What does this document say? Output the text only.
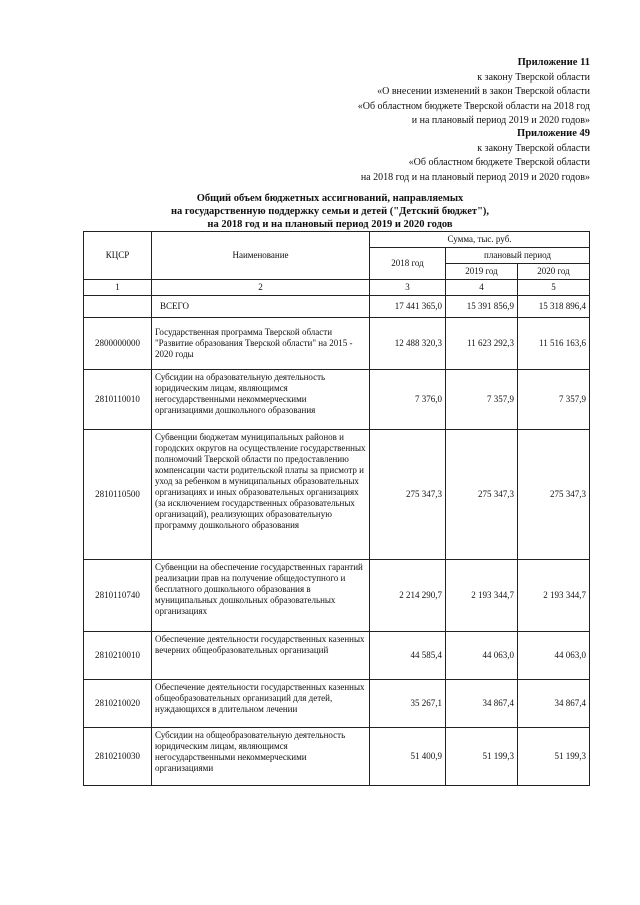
Приложение 11
к закону Тверской области
«О внесении изменений в закон Тверской области
«Об областном бюджете Тверской области на 2018 год
и на плановый период 2019 и 2020 годов»
Приложение 49
к закону Тверской области
«Об областном бюджете Тверской области
на 2018 год и на плановый период 2019 и 2020 годов»
Общий объем бюджетных ассигнований, направляемых
на государственную поддержку семьи и детей ("Детский бюджет"),
на 2018 год и на плановый период 2019 и 2020 годов
КЦСР	Наименование	Сумма, тыс. руб.		
		2018 год	плановый период	
			2019 год	2020 год
1	2	3	4	5
	ВСЕГО	17 441 365,0	15 391 856,9	15 318 896,4
2800000000	Государственная программа Тверской области "Развитие образования Тверской области" на 2015 - 2020 годы	12 488 320,3	11 623 292,3	11 516 163,6
2810110010	Субсидии на образовательную деятельность юридическим лицам, являющимся негосударственными некоммерческими организациями дошкольного образования	7 376,0	7 357,9	7 357,9
2810110500	Субвенции бюджетам муниципальных районов и городских округов на осуществление государственных полномочий Тверской области по предоставлению компенсации части родительской платы за присмотр и уход за ребенком в муниципальных образовательных организациях и иных образовательных организациях (за исключением государственных образовательных организаций), реализующих образовательную программу дошкольного образования	275 347,3	275 347,3	275 347,3
2810110740	Субвенции на обеспечение государственных гарантий реализации прав на получение общедоступного и бесплатного дошкольного образования в муниципальных дошкольных образовательных организациях	2 214 290,7	2 193 344,7	2 193 344,7
2810210010	Обеспечение деятельности государственных казенных вечерних общеобразовательных организаций	44 585,4	44 063,0	44 063,0
2810210020	Обеспечение деятельности государственных казенных общеобразовательных организаций для детей, нуждающихся в длительном лечении	35 267,1	34 867,4	34 867,4
2810210030	Субсидии на общеобразовательную деятельность юридическим лицам, являющимся негосударственными некоммерческими организациями	51 400,9	51 199,3	51 199,3
